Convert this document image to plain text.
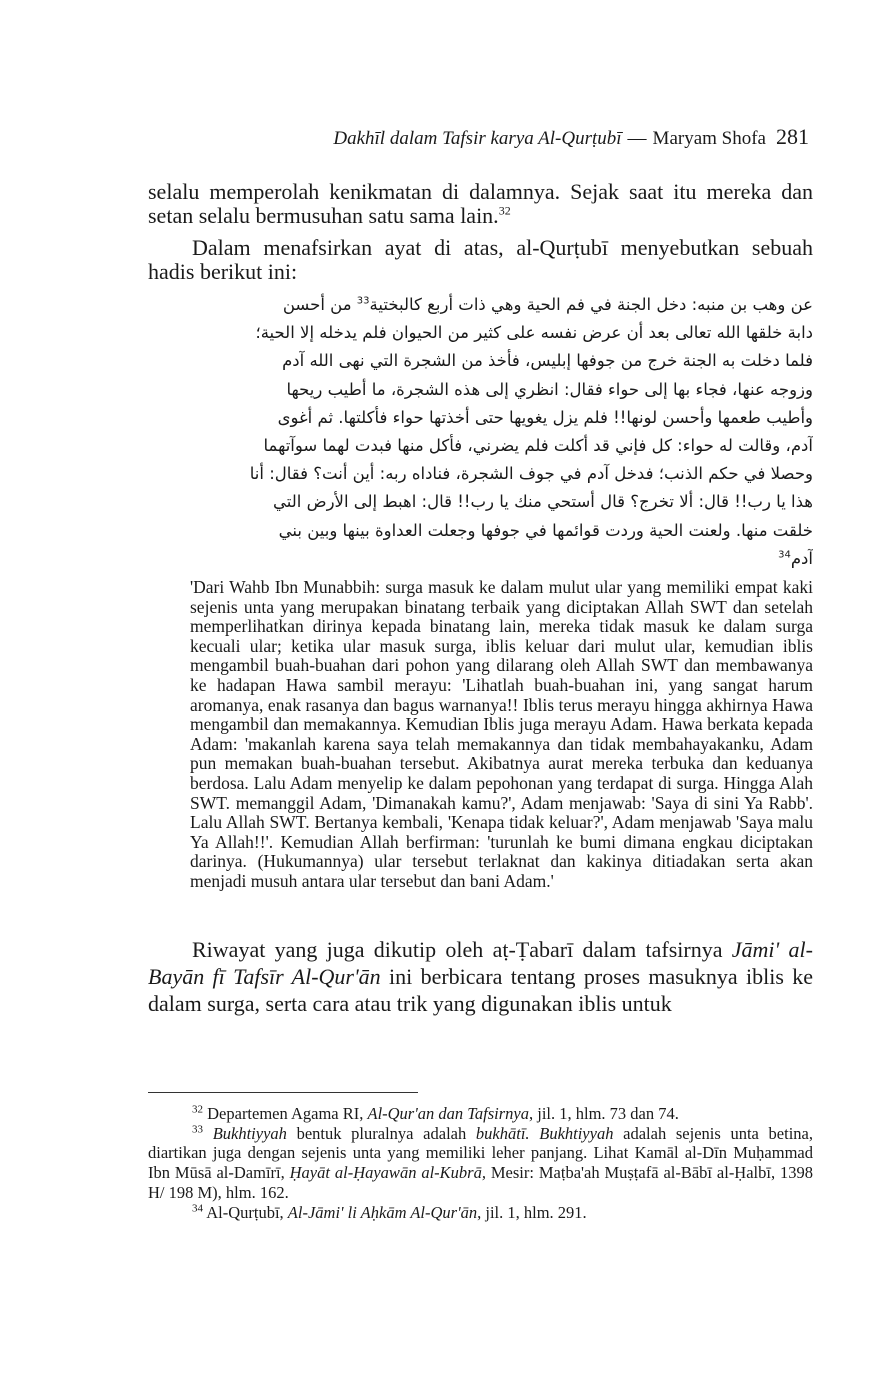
Dakhīl dalam Tafsir karya Al-Qurṭubī — Maryam Shofa 281
selalu memperolah kenikmatan di dalamnya. Sejak saat itu mereka dan setan selalu bermusuhan satu sama lain.$^{32}$
Dalam menafsirkan ayat di atas, al-Qurṭubī menyebutkan sebuah hadis berikut ini:
عن وهب بن منبه: دخل الجنة في فم الحية وهي ذات أربع كالبختية$^{33}$ من أحسن
دابة خلقها الله تعالى بعد أن عرض نفسه على كثير من الحيوان فلم يدخله إلا الحية؛
فلما دخلت به الجنة خرج من جوفها إبليس، فأخذ من الشجرة التي نهى الله آدم
وزوجه عنها، فجاء بها إلى حواء فقال: انظري إلى هذه الشجرة، ما أطيب ريحها
وأطيب طعمها وأحسن لونها!! فلم يزل يغويها حتى أخذتها حواء فأكلتها. ثم أغوى
آدم، وقالت له حواء: كل فإني قد أكلت فلم يضرني، فأكل منها فبدت لهما سوآتهما
وحصلا في حكم الذنب؛ فدخل آدم في جوف الشجرة، فناداه ربه: أين أنت؟ فقال: أنا
هذا يا رب!! قال: ألا تخرج؟ قال أستحي منك يا رب!! قال: اهبط إلى الأرض التي
خلقت منها. ولعنت الحية وردت قوائمها في جوفها وجعلت العداوة بينها وبين بني
آدم$^{34}$
'Dari Wahb Ibn Munabbih: surga masuk ke dalam mulut ular yang memiliki empat kaki sejenis unta yang merupakan binatang terbaik yang diciptakan Allah SWT dan setelah memperlihatkan dirinya kepada binatang lain, mereka tidak masuk ke dalam surga kecuali ular; ketika ular masuk surga, iblis keluar dari mulut ular, kemudian iblis mengambil buah-buahan dari pohon yang dilarang oleh Allah SWT dan membawanya ke hadapan Hawa sambil merayu: 'Lihatlah buah-buahan ini, yang sangat harum aromanya, enak rasanya dan bagus warnanya!! Iblis terus merayu hingga akhirnya Hawa mengambil dan memakannya. Kemudian Iblis juga merayu Adam. Hawa berkata kepada Adam: 'makanlah karena saya telah memakannya dan tidak membahayakanku, Adam pun memakan buah-buahan tersebut. Akibatnya aurat mereka terbuka dan keduanya berdosa. Lalu Adam menyelip ke dalam pepohonan yang terdapat di surga. Hingga Alah SWT. memanggil Adam, 'Dimanakah kamu?', Adam menjawab: 'Saya di sini Ya Rabb'. Lalu Allah SWT. Bertanya kembali, 'Kenapa tidak keluar?', Adam menjawab 'Saya malu Ya Allah!!'. Kemudian Allah berfirman: 'turunlah ke bumi dimana engkau diciptakan darinya. (Hukumannya) ular tersebut terlaknat dan kakinya ditiadakan serta akan menjadi musuh antara ular tersebut dan bani Adam.'
Riwayat yang juga dikutip oleh aṭ-Ṭabarī dalam tafsirnya Jāmi' al-Bayān fī Tafsīr Al-Qur'ān ini berbicara tentang proses masuknya iblis ke dalam surga, serta cara atau trik yang digunakan iblis untuk
$^{32}$ Departemen Agama RI, Al-Qur'an dan Tafsirnya, jil. 1, hlm. 73 dan 74.
$^{33}$ Bukhtiyyah bentuk pluralnya adalah bukhātī. Bukhtiyyah adalah sejenis unta betina, diartikan juga dengan sejenis unta yang memiliki leher panjang. Lihat Kamāl al-Dīn Muḥammad Ibn Mūsā al-Damīrī, Ḥayāt al-Ḥayawān al-Kubrā, Mesir: Maṭba'ah Muṣṭafā al-Bābī al-Ḥalbī, 1398 H/ 198 M), hlm. 162.
$^{34}$ Al-Qurṭubī, Al-Jāmi' li Aḥkām Al-Qur'ān, jil. 1, hlm. 291.
